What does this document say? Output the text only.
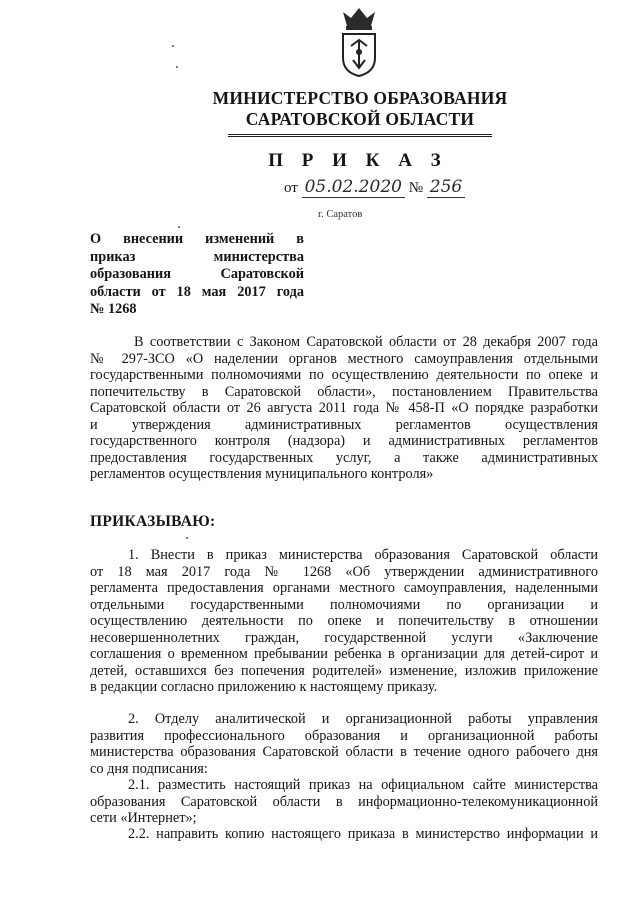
МИНИСТЕРСТВО ОБРАЗОВАНИЯ
САРАТОВСКОЙ ОБЛАСТИ
П Р И К А З
от 05.02.2020 № 256
г. Саратов
О внесении изменений в
приказ министерства
образования Саратовской
области от 18 мая 2017 года
№ 1268
В соответствии с Законом Саратовской области от 28 декабря 2007 года
№ 297-ЗСО «О наделении органов местного самоуправления отдельными
государственными полномочиями по осуществлению деятельности по опеке и
попечительству в Саратовской области», постановлением Правительства
Саратовской области от 26 августа 2011 года № 458-П «О порядке разработки
и утверждения административных регламентов осуществления
государственного контроля (надзора) и административных регламентов
предоставления государственных услуг, а также административных
регламентов осуществления муниципального контроля»
ПРИКАЗЫВАЮ:
1. Внести в приказ министерства образования Саратовской области
от 18 мая 2017 года № 1268 «Об утверждении административного
регламента предоставления органами местного самоуправления, наделенными
отдельными государственными полномочиями по организации и
осуществлению деятельности по опеке и попечительству в отношении
несовершеннолетних граждан, государственной услуги «Заключение
соглашения о временном пребывании ребенка в организации для детей-сирот и
детей, оставшихся без попечения родителей» изменение, изложив приложение
в редакции согласно приложению к настоящему приказу.
2. Отделу аналитической и организационной работы управления
развития профессионального образования и организационной работы
министерства образования Саратовской области в течение одного рабочего дня
со дня подписания:
2.1. разместить настоящий приказ на официальном сайте министерства
образования Саратовской области в информационно-телекомуникационной
сети «Интернет»;
2.2. направить копию настоящего приказа в министерство информации и
